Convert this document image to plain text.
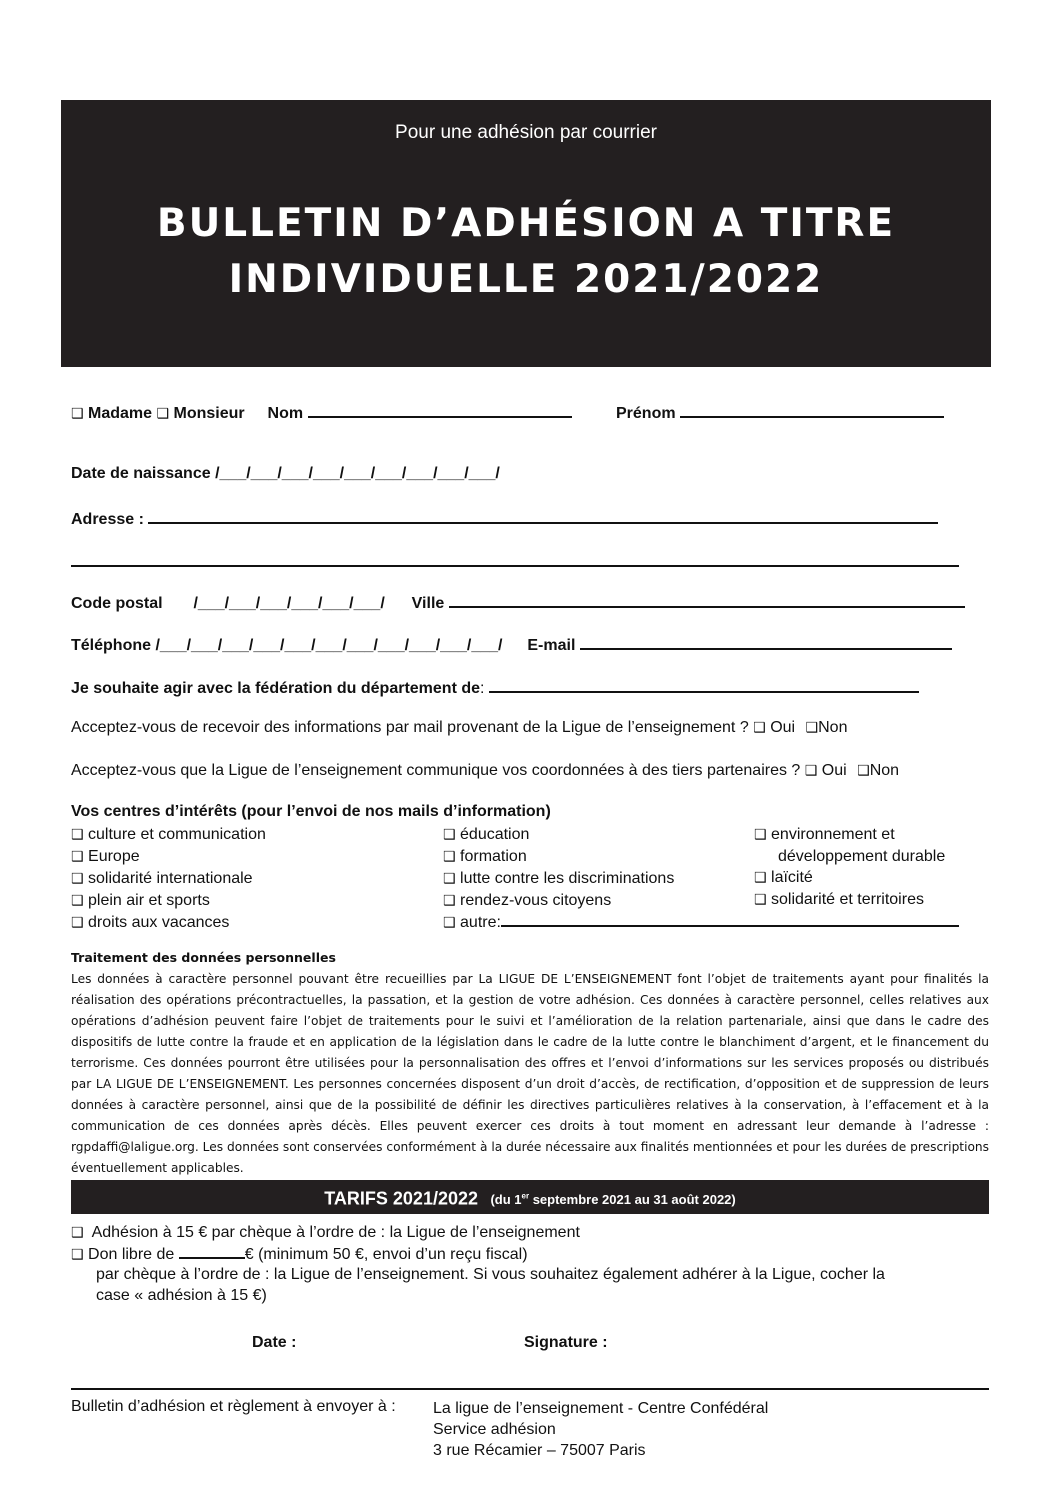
Pour une adhésion par courrier
BULLETIN D’ADHÉSION A TITRE
INDIVIDUELLE 2021/2022
❑ Madame ❑ Monsieur Nom	Prénom
Date de naissance /___/___/___/___/___/___/___/___/___/
Adresse :
Code postal /___/___/___/___/___/___/ Ville
Téléphone /___/___/___/___/___/___/___/___/___/___/___/ E-mail
Je souhaite agir avec la fédération du département de:
Acceptez-vous de recevoir des informations par mail provenant de la Ligue de l’enseignement ? ❑ Oui ❑Non
Acceptez-vous que la Ligue de l’enseignement communique vos coordonnées à des tiers partenaires ? ❑ Oui ❑Non
Vos centres d’intérêts (pour l’envoi de nos mails d’information)
❑ culture et communication
❑ Europe
❑ solidarité internationale
❑ plein air et sports
❑ droits aux vacances
❑ éducation
❑ formation
❑ lutte contre les discriminations
❑ rendez-vous citoyens
❑ autre:
❑ environnement et
développement durable
❑ laïcité
❑ solidarité et territoires
Traitement des données personnelles
Les données à caractère personnel pouvant être recueillies par La LIGUE DE L’ENSEIGNEMENT font l’objet de traitements ayant pour finalités la réalisation des opérations précontractuelles, la passation, et la gestion de votre adhésion. Ces données à caractère personnel, celles relatives aux opérations d’adhésion peuvent faire l’objet de traitements pour le suivi et l’amélioration de la relation partenariale, ainsi que dans le cadre des dispositifs de lutte contre la fraude et en application de la législation dans le cadre de la lutte contre le blanchiment d’argent, et le financement du terrorisme. Ces données pourront être utilisées pour la personnalisation des offres et l’envoi d’informations sur les services proposés ou distribués par LA LIGUE DE L’ENSEIGNEMENT. Les personnes concernées disposent d’un droit d’accès, de rectification, d’opposition et de suppression de leurs données à caractère personnel, ainsi que de la possibilité de définir les directives particulières relatives à la conservation, à l’effacement et à la communication de ces données après décès. Elles peuvent exercer ces droits à tout moment en adressant leur demande à l’adresse : rgpdaffi@laligue.org. Les données sont conservées conformément à la durée nécessaire aux finalités mentionnées et pour les durées de prescriptions éventuellement applicables.
TARIFS 2021/2022 (du 1er septembre 2021 au 31 août 2022)
❑ Adhésion à 15 € par chèque à l’ordre de : la Ligue de l’enseignement
❑ Don libre de	€ (minimum 50 €, envoi d’un reçu fiscal)
par chèque à l’ordre de : la Ligue de l’enseignement. Si vous souhaitez également adhérer à la Ligue, cocher la
case « adhésion à 15 €)
Date :	Signature :
Bulletin d’adhésion et règlement à envoyer à : La ligue de l’enseignement - Centre Confédéral
Service adhésion
3 rue Récamier – 75007 Paris
